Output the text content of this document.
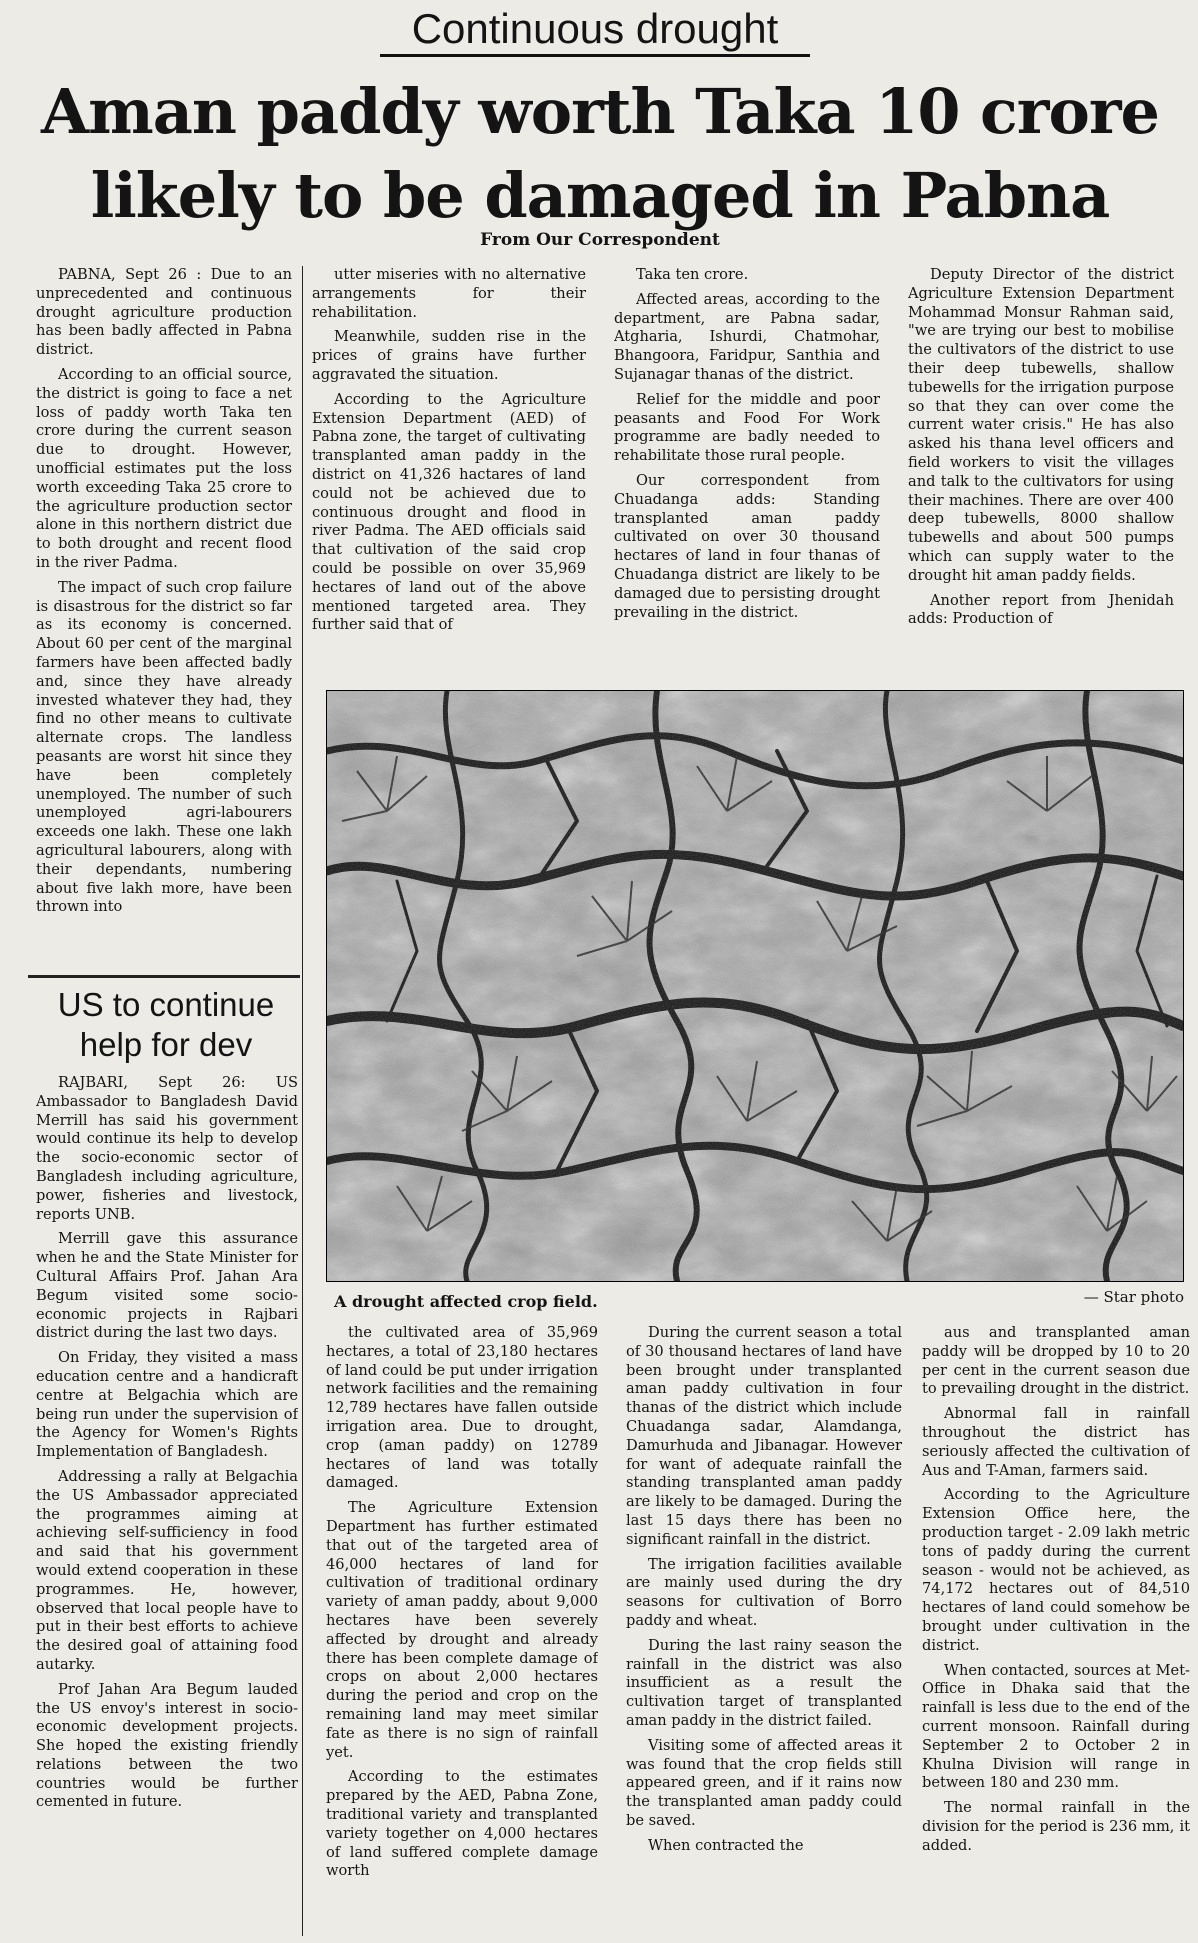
Continuous drought
Aman paddy worth Taka 10 crore likely to be damaged in Pabna
From Our Correspondent

PABNA, Sept 26 : Due to an unprecedented and continuous drought agriculture production has been badly affected in Pabna district.

According to an official source, the district is going to face a net loss of paddy worth Taka ten crore during the current season due to drought. However, unofficial estimates put the loss worth exceeding Taka 25 crore to the agriculture production sector alone in this northern district due to both drought and recent flood in the river Padma.

The impact of such crop failure is disastrous for the district so far as its economy is concerned. About 60 per cent of the marginal farmers have been affected badly and, since they have already invested whatever they had, they find no other means to cultivate alternate crops. The landless peasants are worst hit since they have been completely unemployed. The number of such unemployed agri-labourers exceeds one lakh. These one lakh agricultural labourers, along with their dependants, numbering about five lakh more, have been thrown into

utter miseries with no alternative arrangements for their rehabilitation.

Meanwhile, sudden rise in the prices of grains have further aggravated the situation.

According to the Agriculture Extension Department (AED) of Pabna zone, the target of cultivating transplanted aman paddy in the district on 41,326 hactares of land could not be achieved due to continuous drought and flood in river Padma. The AED officials said that cultivation of the said crop could be possible on over 35,969 hectares of land out of the above mentioned targeted area. They further said that of

Taka ten crore.

Affected areas, according to the department, are Pabna sadar, Atgharia, Ishurdi, Chatmohar, Bhangoora, Faridpur, Santhia and Sujanagar thanas of the district.

Relief for the middle and poor peasants and Food For Work programme are badly needed to rehabilitate those rural people.

Our correspondent from Chuadanga adds: Standing transplanted aman paddy cultivated on over 30 thousand hectares of land in four thanas of Chuadanga district are likely to be damaged due to persisting drought prevailing in the district.

Deputy Director of the district Agriculture Extension Department Mohammad Monsur Rahman said, "we are trying our best to mobilise the cultivators of the district to use their deep tubewells, shallow tubewells for the irrigation purpose so that they can over come the current water crisis." He has also asked his thana level officers and field workers to visit the villages and talk to the cultivators for using their machines. There are over 400 deep tubewells, 8000 shallow tubewells and about 500 pumps which can supply water to the drought hit aman paddy fields.

Another report from Jhenidah adds: Production of

US to continue help for dev

RAJBARI, Sept 26: US Ambassador to Bangladesh David Merrill has said his government would continue its help to develop the socio-economic sector of Bangladesh including agriculture, power, fisheries and livestock, reports UNB.

Merrill gave this assurance when he and the State Minister for Cultural Affairs Prof. Jahan Ara Begum visited some socio-economic projects in Rajbari district during the last two days.

On Friday, they visited a mass education centre and a handicraft centre at Belgachia which are being run under the supervision of the Agency for Women's Rights Implementation of Bangladesh.

Addressing a rally at Belgachia the US Ambassador appreciated the programmes aiming at achieving self-sufficiency in food and said that his government would extend cooperation in these programmes. He, however, observed that local people have to put in their best efforts to achieve the desired goal of attaining food autarky.

Prof Jahan Ara Begum lauded the US envoy's interest in socio-economic development projects. She hoped the existing friendly relations between the two countries would be further cemented in future.

A drought affected crop field.	— Star photo

the cultivated area of 35,969 hectares, a total of 23,180 hectares of land could be put under irrigation network facilities and the remaining 12,789 hectares have fallen outside irrigation area. Due to drought, crop (aman paddy) on 12789 hectares of land was totally damaged.

The Agriculture Extension Department has further estimated that out of the targeted area of 46,000 hectares of land for cultivation of traditional ordinary variety of aman paddy, about 9,000 hectares have been severely affected by drought and already there has been complete damage of crops on about 2,000 hectares during the period and crop on the remaining land may meet similar fate as there is no sign of rainfall yet.

According to the estimates prepared by the AED, Pabna Zone, traditional variety and transplanted variety together on 4,000 hectares of land suffered complete damage worth

During the current season a total of 30 thousand hectares of land have been brought under transplanted aman paddy cultivation in four thanas of the district which include Chuadanga sadar, Alamdanga, Damurhuda and Jibanagar. However for want of adequate rainfall the standing transplanted aman paddy are likely to be damaged. During the last 15 days there has been no significant rainfall in the district.

The irrigation facilities available are mainly used during the dry seasons for cultivation of Borro paddy and wheat.

During the last rainy season the rainfall in the district was also insufficient as a result the cultivation target of transplanted aman paddy in the district failed.

Visiting some of affected areas it was found that the crop fields still appeared green, and if it rains now the transplanted aman paddy could be saved.

When contracted the

aus and transplanted aman paddy will be dropped by 10 to 20 per cent in the current season due to prevailing drought in the district.

Abnormal fall in rainfall throughout the district has seriously affected the cultivation of Aus and T-Aman, farmers said.

According to the Agriculture Extension Office here, the production target - 2.09 lakh metric tons of paddy during the current season - would not be achieved, as 74,172 hectares out of 84,510 hectares of land could somehow be brought under cultivation in the district.

When contacted, sources at Met-Office in Dhaka said that the rainfall is less due to the end of the current monsoon. Rainfall during September 2 to October 2 in Khulna Division will range in between 180 and 230 mm.

The normal rainfall in the division for the period is 236 mm, it added.
